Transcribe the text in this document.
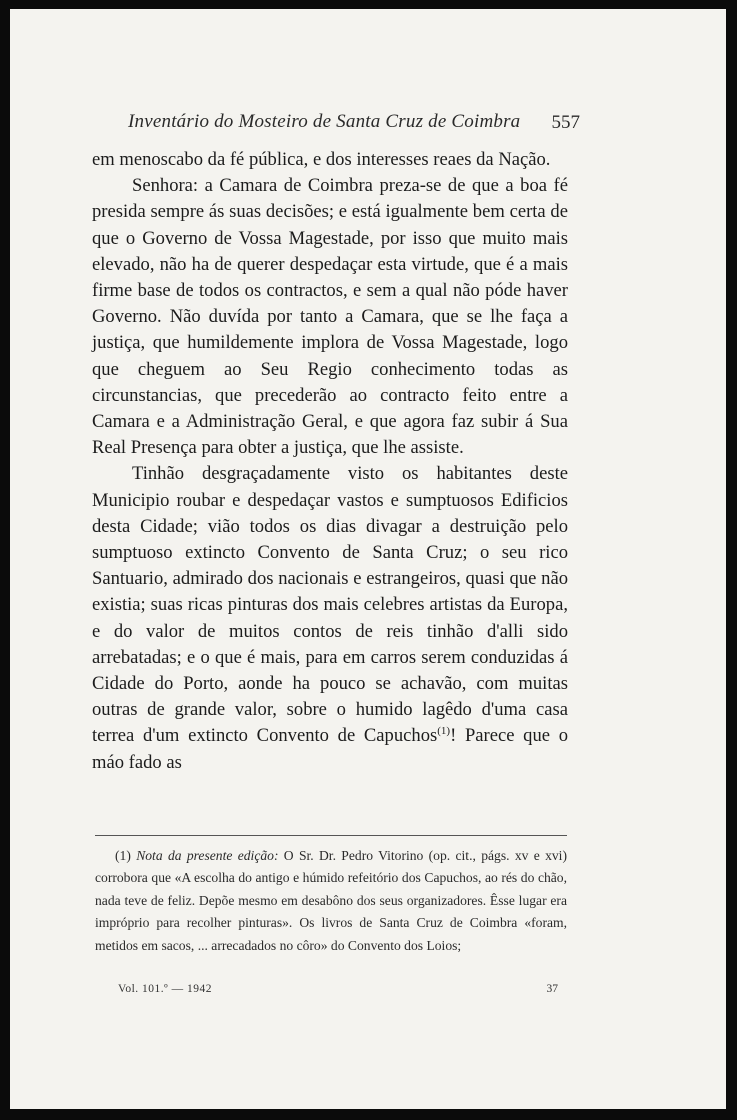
Inventário do Mosteiro de Santa Cruz de Coimbra 557

em menoscabo da fé pública, e dos interesses reaes da Nação.

Senhora: a Camara de Coimbra preza-se de que a boa fé presida sempre ás suas decisões; e está igualmente bem certa de que o Governo de Vossa Magestade, por isso que muito mais elevado, não ha de querer despedaçar esta virtude, que é a mais firme base de todos os contractos, e sem a qual não póde haver Governo. Não duvída por tanto a Camara, que se lhe faça a justiça, que humildemente implora de Vossa Magestade, logo que cheguem ao Seu Regio conhecimento todas as circunstancias, que precederão ao contracto feito entre a Camara e a Administração Geral, e que agora faz subir á Sua Real Presença para obter a justiça, que lhe assiste.

Tinhão desgraçadamente visto os habitantes deste Municipio roubar e despedaçar vastos e sumptuosos Edificios desta Cidade; vião todos os dias divagar a destruição pelo sumptuoso extincto Convento de Santa Cruz; o seu rico Santuario, admirado dos nacionais e estrangeiros, quasi que não existia; suas ricas pinturas dos mais celebres artistas da Europa, e do valor de muitos contos de reis tinhão d'alli sido arrebatadas; e o que é mais, para em carros serem conduzidas á Cidade do Porto, aonde ha pouco se achavão, com muitas outras de grande valor, sobre o humido lagêdo d'uma casa terrea d'um extincto Convento de Capuchos$^{(1)}$! Parece que o máo fado as

(1) Nota da presente edição: O Sr. Dr. Pedro Vitorino (op. cit., págs. xv e xvi) corrobora que «A escolha do antigo e húmido refeitório dos Capuchos, ao rés do chão, nada teve de feliz. Depõe mesmo em desabôno dos seus organizadores. Êsse lugar era impróprio para recolher pinturas». Os livros de Santa Cruz de Coimbra «foram, metidos em sacos, ... arrecadados no côro» do Convento dos Loios;

Vol. 101.º — 1942	37
